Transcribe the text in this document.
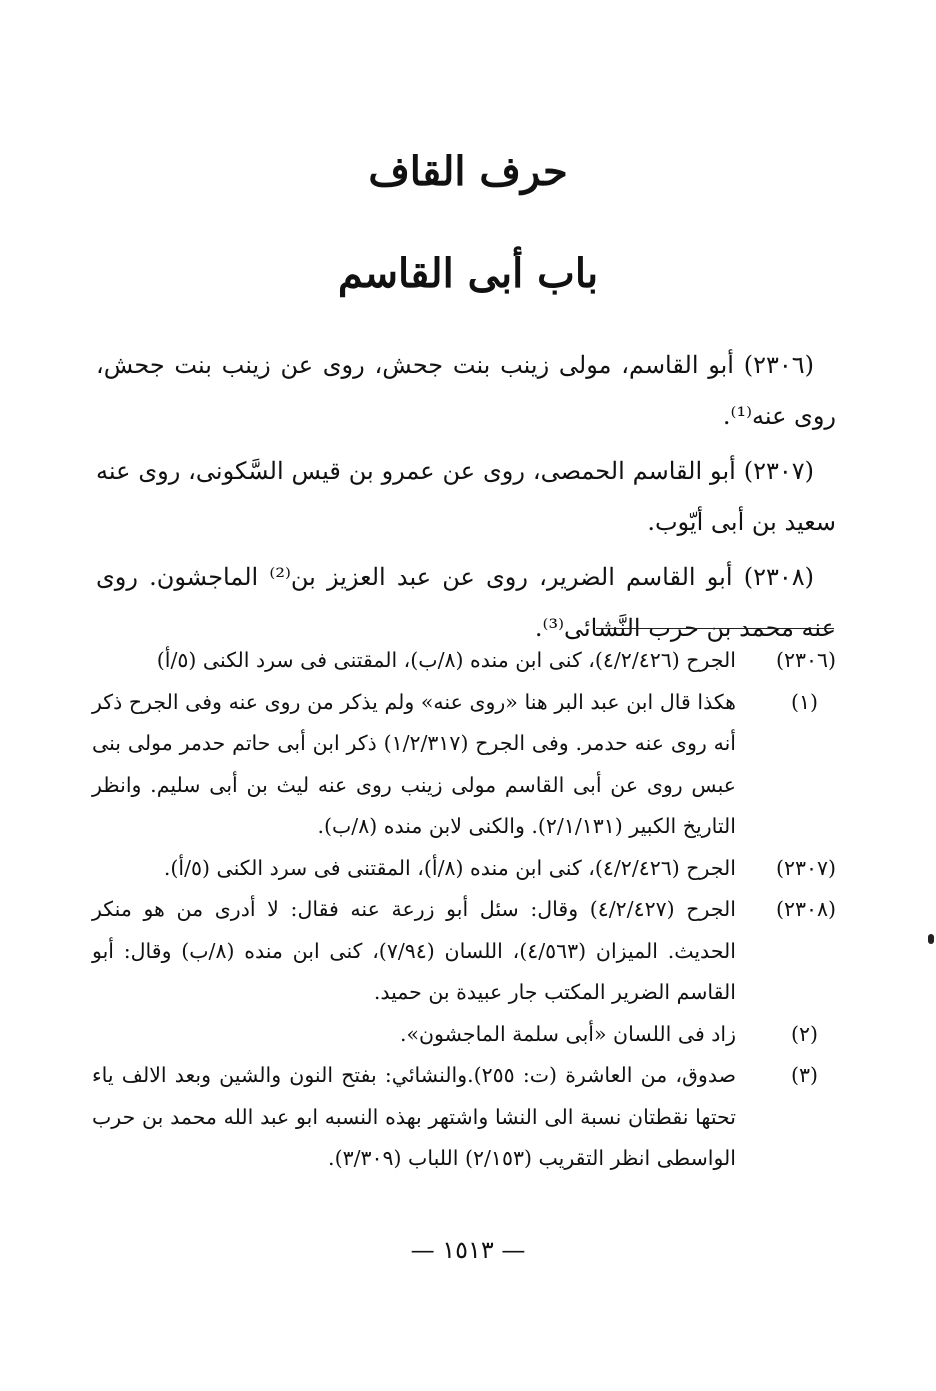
حرف القاف
باب أبى القاسم

(٢٣٠٦) أبو القاسم، مولى زينب بنت جحش، روى عن زينب بنت جحش، روى عنه⁽¹⁾.

(٢٣٠٧) أبو القاسم الحمصى، روى عن عمرو بن قيس السَّكونى، روى عنه سعيد بن أبى أيّوب.

(٢٣٠٨) أبو القاسم الضرير، روى عن عبد العزيز بن⁽²⁾ الماجشون. روى عنه محمد بن حرب النَّشائى⁽³⁾.

(٢٣٠٦)
الجرح (٤/٢/٤٢٦)، كنى ابن منده (٨/ب)، المقتنى فى سرد الكنى (٥/أ)
(١)
هكذا قال ابن عبد البر هنا «روى عنه» ولم يذكر من روى عنه وفى الجرح ذكر أنه روى عنه حدمر. وفى الجرح (١/٢/٣١٧) ذكر ابن أبى حاتم حدمر مولى بنى عبس روى عن أبى القاسم مولى زينب روى عنه ليث بن أبى سليم. وانظر التاريخ الكبير (٢/١/١٣١). والكنى لابن منده (٨/ب).
(٢٣٠٧)
الجرح (٤/٢/٤٢٦)، كنى ابن منده (٨/أ)، المقتنى فى سرد الكنى (٥/أ).
(٢٣٠٨)
الجرح (٤/٢/٤٢٧) وقال: سئل أبو زرعة عنه فقال: لا أدرى من هو منكر الحديث. الميزان (٤/٥٦٣)، اللسان (٧/٩٤)، كنى ابن منده (٨/ب) وقال: أبو القاسم الضرير المكتب جار عبيدة بن حميد.
(٢)
زاد فى اللسان «أبى سلمة الماجشون».
(٣)
صدوق، من العاشرة (ت: ٢٥٥).والنشائي: بفتح النون والشين وبعد الالف ياء تحتها نقطتان نسبة الى النشا واشتهر بهذه النسبه ابو عبد الله محمد بن حرب الواسطى انظر التقريب (٢/١٥٣) اللباب (٣/٣٠٩).
— ١٥١٣ —
